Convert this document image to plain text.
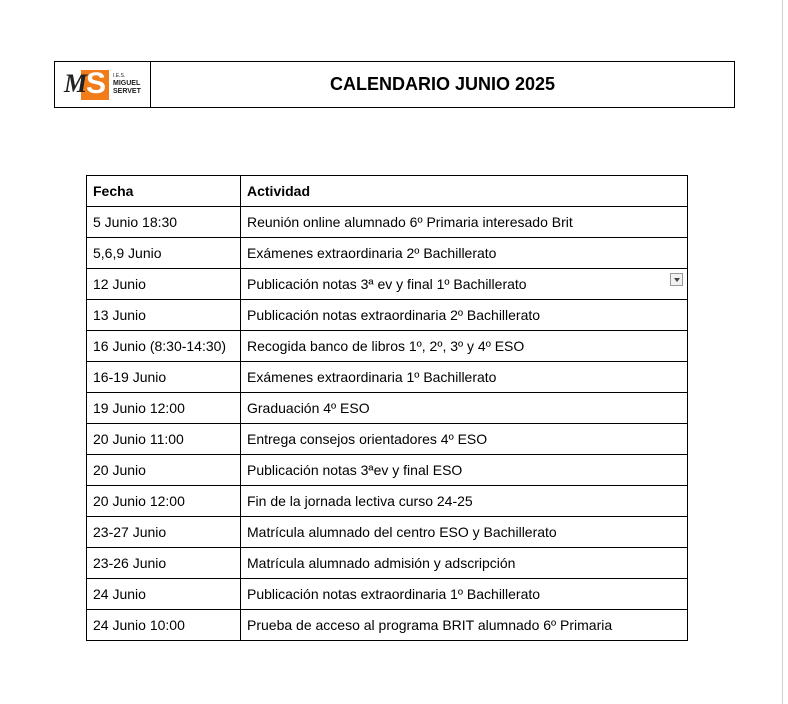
M S	I.E.S.
MIGUEL
SERVET	CALENDARIO JUNIO 2025
Fecha	Actividad
5 Junio 18:30	Reunión online alumnado 6º Primaria interesado Brit
5,6,9 Junio	Exámenes extraordinaria 2º Bachillerato
12 Junio	Publicación notas 3ª ev y final 1º Bachillerato
13 Junio	Publicación notas extraordinaria 2º Bachillerato
16 Junio (8:30-14:30)	Recogida banco de libros 1º, 2º, 3º y 4º ESO
16-19 Junio	Exámenes extraordinaria 1º Bachillerato
19 Junio 12:00	Graduación 4º ESO
20 Junio 11:00	Entrega consejos orientadores 4º ESO
20 Junio	Publicación notas 3ªev y final ESO
20 Junio 12:00	Fin de la jornada lectiva curso 24-25
23-27 Junio	Matrícula alumnado del centro ESO y Bachillerato
23-26 Junio	Matrícula alumnado admisión y adscripción
24 Junio	Publicación notas extraordinaria 1º Bachillerato
24 Junio 10:00	Prueba de acceso al programa BRIT alumnado 6º Primaria
